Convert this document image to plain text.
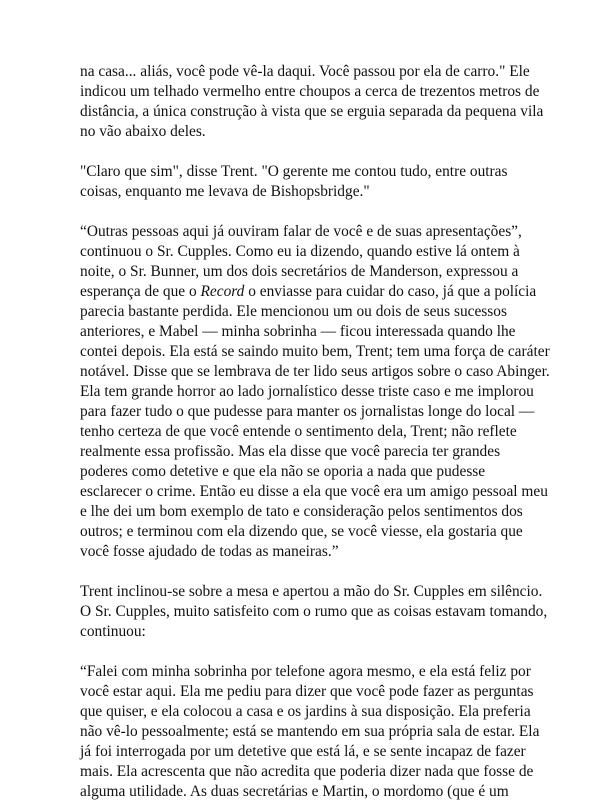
na casa... aliás, você pode vê-la daqui. Você passou por ela de carro." Ele
indicou um telhado vermelho entre choupos a cerca de trezentos metros de
distância, a única construção à vista que se erguia separada da pequena vila
no vão abaixo deles.

"Claro que sim", disse Trent. "O gerente me contou tudo, entre outras
coisas, enquanto me levava de Bishopsbridge."

“Outras pessoas aqui já ouviram falar de você e de suas apresentações”,
continuou o Sr. Cupples. Como eu ia dizendo, quando estive lá ontem à
noite, o Sr. Bunner, um dos dois secretários de Manderson, expressou a
esperança de que o Record o enviasse para cuidar do caso, já que a polícia
parecia bastante perdida. Ele mencionou um ou dois de seus sucessos
anteriores, e Mabel — minha sobrinha — ficou interessada quando lhe
contei depois. Ela está se saindo muito bem, Trent; tem uma força de caráter
notável. Disse que se lembrava de ter lido seus artigos sobre o caso Abinger.
Ela tem grande horror ao lado jornalístico desse triste caso e me implorou
para fazer tudo o que pudesse para manter os jornalistas longe do local —
tenho certeza de que você entende o sentimento dela, Trent; não reflete
realmente essa profissão. Mas ela disse que você parecia ter grandes
poderes como detetive e que ela não se oporia a nada que pudesse
esclarecer o crime. Então eu disse a ela que você era um amigo pessoal meu
e lhe dei um bom exemplo de tato e consideração pelos sentimentos dos
outros; e terminou com ela dizendo que, se você viesse, ela gostaria que
você fosse ajudado de todas as maneiras.”

Trent inclinou-se sobre a mesa e apertou a mão do Sr. Cupples em silêncio.
O Sr. Cupples, muito satisfeito com o rumo que as coisas estavam tomando,
continuou:

“Falei com minha sobrinha por telefone agora mesmo, e ela está feliz por
você estar aqui. Ela me pediu para dizer que você pode fazer as perguntas
que quiser, e ela colocou a casa e os jardins à sua disposição. Ela preferia
não vê-lo pessoalmente; está se mantendo em sua própria sala de estar. Ela
já foi interrogada por um detetive que está lá, e se sente incapaz de fazer
mais. Ela acrescenta que não acredita que poderia dizer nada que fosse de
alguma utilidade. As duas secretárias e Martin, o mordomo (que é um
